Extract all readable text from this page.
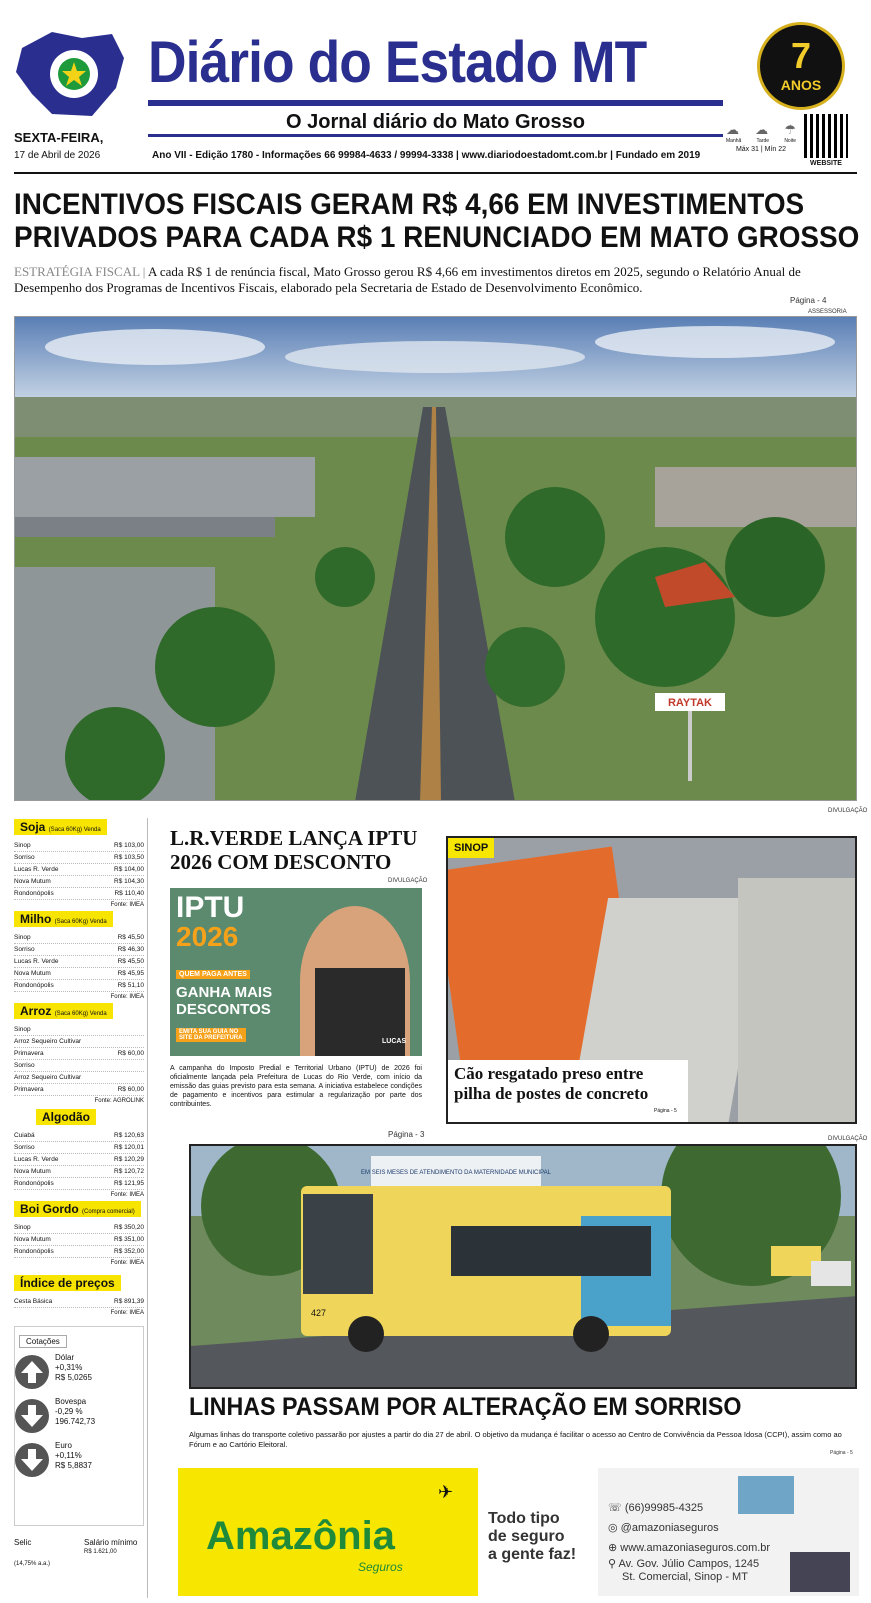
Diário do Estado MT
O Jornal diário do Mato Grosso
7
ANOS
SEXTA-FEIRA,
17 de Abril de 2026	Ano VII - Edição 1780 - Informações 66 99984-4633 / 99994-3338 | www.diariodoestadomt.com.br | Fundado em 2019
☁ ☁ ☂
Manhã	Tarde	Noite
Máx 31 | Mín 22
WEBSITE
INCENTIVOS FISCAIS GERAM R$ 4,66 EM INVESTIMENTOS
PRIVADOS PARA CADA R$ 1 RENUNCIADO EM MATO GROSSO
ESTRATÉGIA FISCAL | A cada R$ 1 de renúncia fiscal, Mato Grosso gerou R$ 4,66 em investimentos diretos em 2025, segundo o Relatório Anual de Desempenho dos Programas de Incentivos Fiscais, elaborado pela Secretaria de Estado de Desenvolvimento Econômico.
Página - 4
ASSESSORIA
RAYTAK
Soja (Saca 60Kg) Venda
Sinop	R$ 103,00
Sorriso	R$ 103,50
Lucas R. Verde	R$ 104,00
Nova Mutum	R$ 104,30
Rondonópolis	R$ 110,40
Fonte: IMEA
Milho (Saca 60Kg) Venda
Sinop	R$ 45,50
Sorriso	R$ 46,30
Lucas R. Verde	R$ 45,50
Nova Mutum	R$ 45,95
Rondonópolis	R$ 51,10
Fonte: IMEA
Arroz (Saca 60Kg) Venda
Sinop
Arroz Sequeiro Cultivar
Primavera	R$ 60,00
Sorriso
Arroz Sequeiro Cultivar
Primavera	R$ 60,00
Fonte: AGROLINK
Algodão
Cuiabá	R$ 120,63
Sorriso	R$ 120,01
Lucas R. Verde	R$ 120,29
Nova Mutum	R$ 120,72
Rondonópolis	R$ 121,95
Fonte: IMEA
Boi Gordo (Compra comercial)
Sinop	R$ 350,20
Nova Mutum	R$ 351,00
Rondonópolis	R$ 352,00
Fonte: IMEA
Índice de preços
Cesta Básica	R$ 891,39
Fonte: IMEA
Cotações
Dólar
+0,31%
R$ 5,0265
Bovespa
-0,29 %
196.742,73
Euro
+0,11%
R$ 5,8837
Selic
(14,75% a.a.)
Salário mínimo
R$ 1.621,00
DIVULGAÇÃO
L.R.VERDE LANÇA IPTU 2026 COM DESCONTO
DIVULGAÇÃO
IPTU
2026
QUEM PAGA ANTES
GANHA MAIS
DESCONTOS
EMITA SUA GUIA NO SITE DA PREFEITURA	LUCAS
A campanha do Imposto Predial e Territorial Urbano (IPTU) de 2026 foi oficialmente lançada pela Prefeitura de Lucas do Rio Verde, com início da emissão das guias previsto para esta semana. A iniciativa estabelece condições de pagamento e incentivos para estimular a regularização por parte dos contribuintes.
Página - 3
SINOP
Cão resgatado preso entre pilha de postes de concreto
Página - 5
DIVULGAÇÃO
EM SEIS MESES DE ATENDIMENTO DA MATERNIDADE MUNICIPAL
427
LINHAS PASSAM POR ALTERAÇÃO EM SORRISO
Algumas linhas do transporte coletivo passarão por ajustes a partir do dia 27 de abril. O objetivo da mudança é facilitar o acesso ao Centro de Convivência da Pessoa Idosa (CCPI), assim como ao Fórum e ao Cartório Eleitoral.
Página - 5
Amazônia
Seguros
✈
Todo tipo
de seguro
a gente faz!
☏ (66)99985-4325
◎ @amazoniaseguros
⊕ www.amazoniaseguros.com.br
⚲ Av. Gov. Júlio Campos, 1245
St. Comercial, Sinop - MT
